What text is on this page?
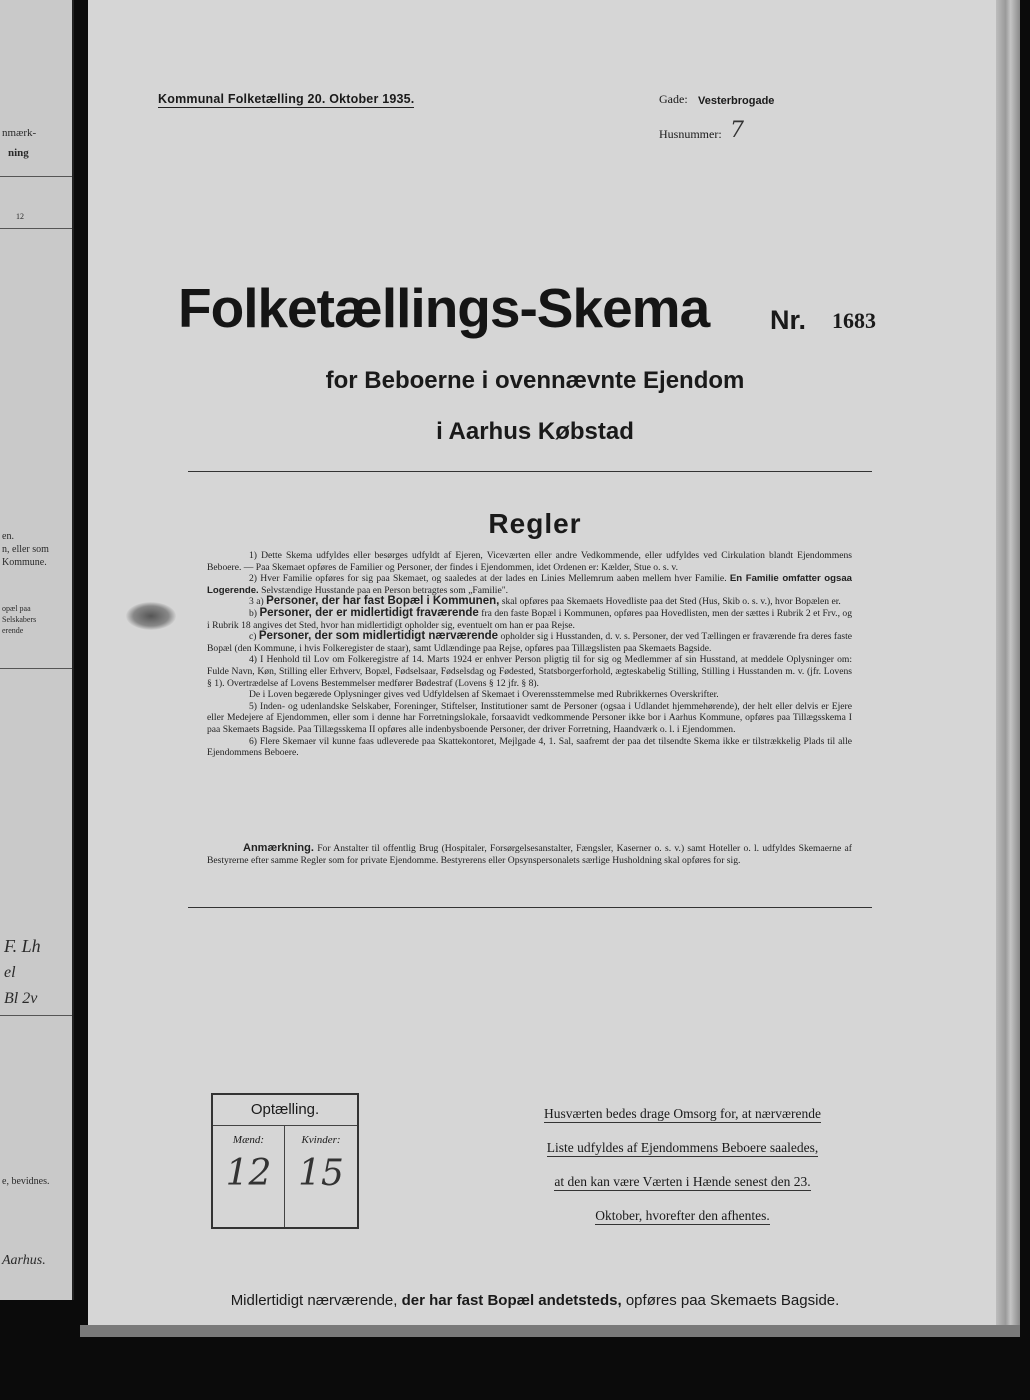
nmærk-
ning
12
en.
n, eller som
Kommune.
opæl paa
Selskabers
erende
F. Lh
el
Bl 2v
e, bevidnes.
Aarhus.
Kommunal Folketælling 20. Oktober 1935.	Gade: Vesterbrogade
Husnummer: 7
Folketællings-Skema Nr. 1683
for Beboerne i ovennævnte Ejendom
i Aarhus Købstad
Regler

1) Dette Skema udfyldes eller besørges udfyldt af Ejeren, Viceværten eller andre Vedkommende, eller udfyldes ved Cirkulation blandt Ejendommens Beboere. — Paa Skemaet opføres de Familier og Personer, der findes i Ejendommen, idet Ordenen er: Kælder, Stue o. s. v.

2) Hver Familie opføres for sig paa Skemaet, og saaledes at der lades en Linies Mellemrum aaben mellem hver Familie. En Familie omfatter ogsaa Logerende. Selvstændige Husstande paa en Person betragtes som „Familie".

3 a) Personer, der har fast Bopæl i Kommunen, skal opføres paa Skemaets Hovedliste paa det Sted (Hus, Skib o. s. v.), hvor Bopælen er.

b) Personer, der er midlertidigt fraværende fra den faste Bopæl i Kommunen, opføres paa Hovedlisten, men der sættes i Rubrik 2 et Frv., og i Rubrik 18 angives det Sted, hvor han midlertidigt opholder sig, eventuelt om han er paa Rejse.

c) Personer, der som midlertidigt nærværende opholder sig i Husstanden, d. v. s. Personer, der ved Tællingen er fraværende fra deres faste Bopæl (den Kommune, i hvis Folkeregister de staar), samt Udlændinge paa Rejse, opføres paa Tillægslisten paa Skemaets Bagside.

4) I Henhold til Lov om Folkeregistre af 14. Marts 1924 er enhver Person pligtig til for sig og Medlemmer af sin Husstand, at meddele Oplysninger om: Fulde Navn, Køn, Stilling eller Erhverv, Bopæl, Fødselsaar, Fødselsdag og Fødested, Statsborgerforhold, ægteskabelig Stilling, Stilling i Husstanden m. v. (jfr. Lovens § 1). Overtrædelse af Lovens Bestemmelser medfører Bødestraf (Lovens § 12 jfr. § 8).

De i Loven begærede Oplysninger gives ved Udfyldelsen af Skemaet i Overensstemmelse med Rubrikkernes Overskrifter.

5) Inden- og udenlandske Selskaber, Foreninger, Stiftelser, Institutioner samt de Personer (ogsaa i Udlandet hjemmehørende), der helt eller delvis er Ejere eller Medejere af Ejendommen, eller som i denne har Forretningslokale, forsaavidt vedkommende Personer ikke bor i Aarhus Kommune, opføres paa Tillægsskema I paa Skemaets Bagside. Paa Tillægsskema II opføres alle indenbysboende Personer, der driver Forretning, Haandværk o. l. i Ejendommen.

6) Flere Skemaer vil kunne faas udleverede paa Skattekontoret, Mejlgade 4, 1. Sal, saafremt der paa det tilsendte Skema ikke er tilstrækkelig Plads til alle Ejendommens Beboere.

Anmærkning. For Anstalter til offentlig Brug (Hospitaler, Forsørgelsesanstalter, Fængsler, Kaserner o. s. v.) samt Hoteller o. l. udfyldes Skemaerne af Bestyrerne efter samme Regler som for private Ejendomme. Bestyrerens eller Opsynspersonalets særlige Husholdning skal opføres for sig.

Optælling.
Mænd:	Kvinder:
12 15
Husværten bedes drage Omsorg for, at nærværende
Liste udfyldes af Ejendommens Beboere saaledes,
at den kan være Værten i Hænde senest den 23.
Oktober, hvorefter den afhentes.
Midlertidigt nærværende, der har fast Bopæl andetsteds, opføres paa Skemaets Bagside.
